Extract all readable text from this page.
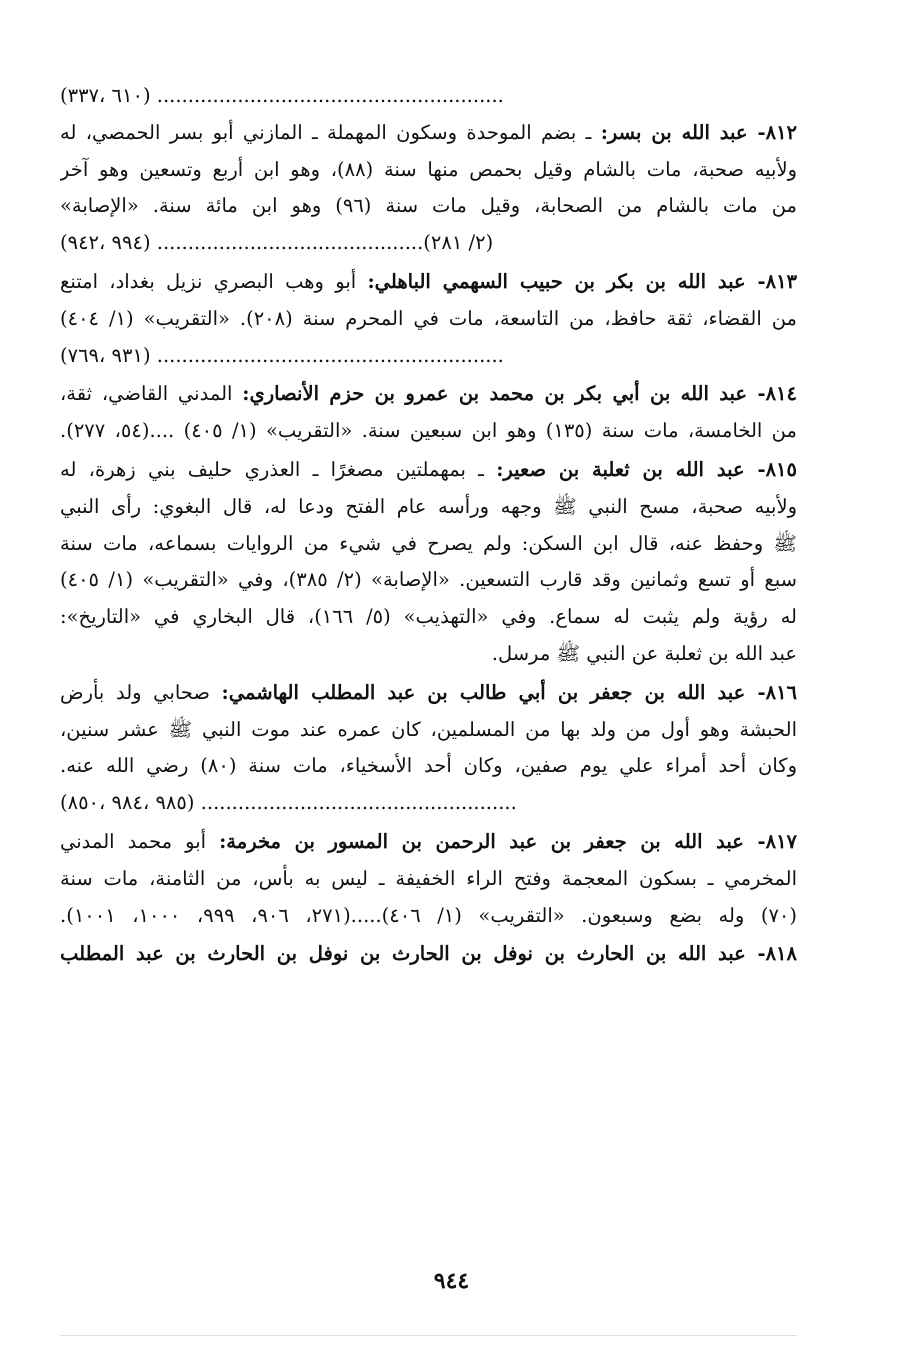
(٦١٠ ،٣٣٧) ........................................................
٨١٢- عبد الله بن بسر: ـ بضم الموحدة وسكون المهملة ـ المازني أبو بسر الحمصي، له
ولأبيه صحبة، مات بالشام وقيل بحمص منها سنة (٨٨)، وهو ابن أربع وتسعين وهو آخر
من مات بالشام من الصحابة، وقيل مات سنة (٩٦) وهو ابن مائة سنة. «الإصابة»
(٩٩٤ ،٩٤٢) ...........................................(٢/ ٢٨١)
٨١٣- عبد الله بن بكر بن حبيب السهمي الباهلي: أبو وهب البصري نزيل بغداد، امتنع
من القضاء، ثقة حافظ، من التاسعة، مات في المحرم سنة (٢٠٨). «التقريب» (١/ ٤٠٤)
(٩٣١ ،٧٦٩) ........................................................
٨١٤- عبد الله بن أبي بكر بن محمد بن عمرو بن حزم الأنصاري: المدني القاضي، ثقة،
من الخامسة، مات سنة (١٣٥) وهو ابن سبعين سنة. «التقريب» (١/ ٤٠٥) ....(٥٤، ٢٧٧).
٨١٥- عبد الله بن ثعلبة بن صعير: ـ بمهملتين مصغرًا ـ العذري حليف بني زهرة، له
ولأبيه صحبة، مسح النبي ﷺ وجهه ورأسه عام الفتح ودعا له، قال البغوي: رأى النبي
ﷺ وحفظ عنه، قال ابن السكن: ولم يصرح في شيء من الروايات بسماعه، مات سنة
سبع أو تسع وثمانين وقد قارب التسعين. «الإصابة» (٢/ ٣٨٥)، وفي «التقريب» (١/ ٤٠٥)
له رؤية ولم يثبت له سماع. وفي «التهذيب» (٥/ ١٦٦)، قال البخاري في «التاريخ»:
عبد الله بن ثعلبة عن النبي ﷺ مرسل.
٨١٦- عبد الله بن جعفر بن أبي طالب بن عبد المطلب الهاشمي: صحابي ولد بأرض
الحبشة وهو أول من ولد بها من المسلمين، كان عمره عند موت النبي ﷺ عشر سنين،
وكان أحد أمراء علي يوم صفين، وكان أحد الأسخياء، مات سنة (٨٠) رضي الله عنه.
(٩٨٥ ،٩٨٤ ،٨٥٠) ...................................................
٨١٧- عبد الله بن جعفر بن عبد الرحمن بن المسور بن مخرمة: أبو محمد المدني
المخرمي ـ بسكون المعجمة وفتح الراء الخفيفة ـ ليس به بأس، من الثامنة، مات سنة
(٧٠) وله بضع وسبعون. «التقريب» (١/ ٤٠٦).....(٢٧١، ٩٠٦، ٩٩٩، ١٠٠٠، ١٠٠١).
٨١٨- عبد الله بن الحارث بن نوفل بن الحارث بن نوفل بن الحارث بن عبد المطلب
٩٤٤
